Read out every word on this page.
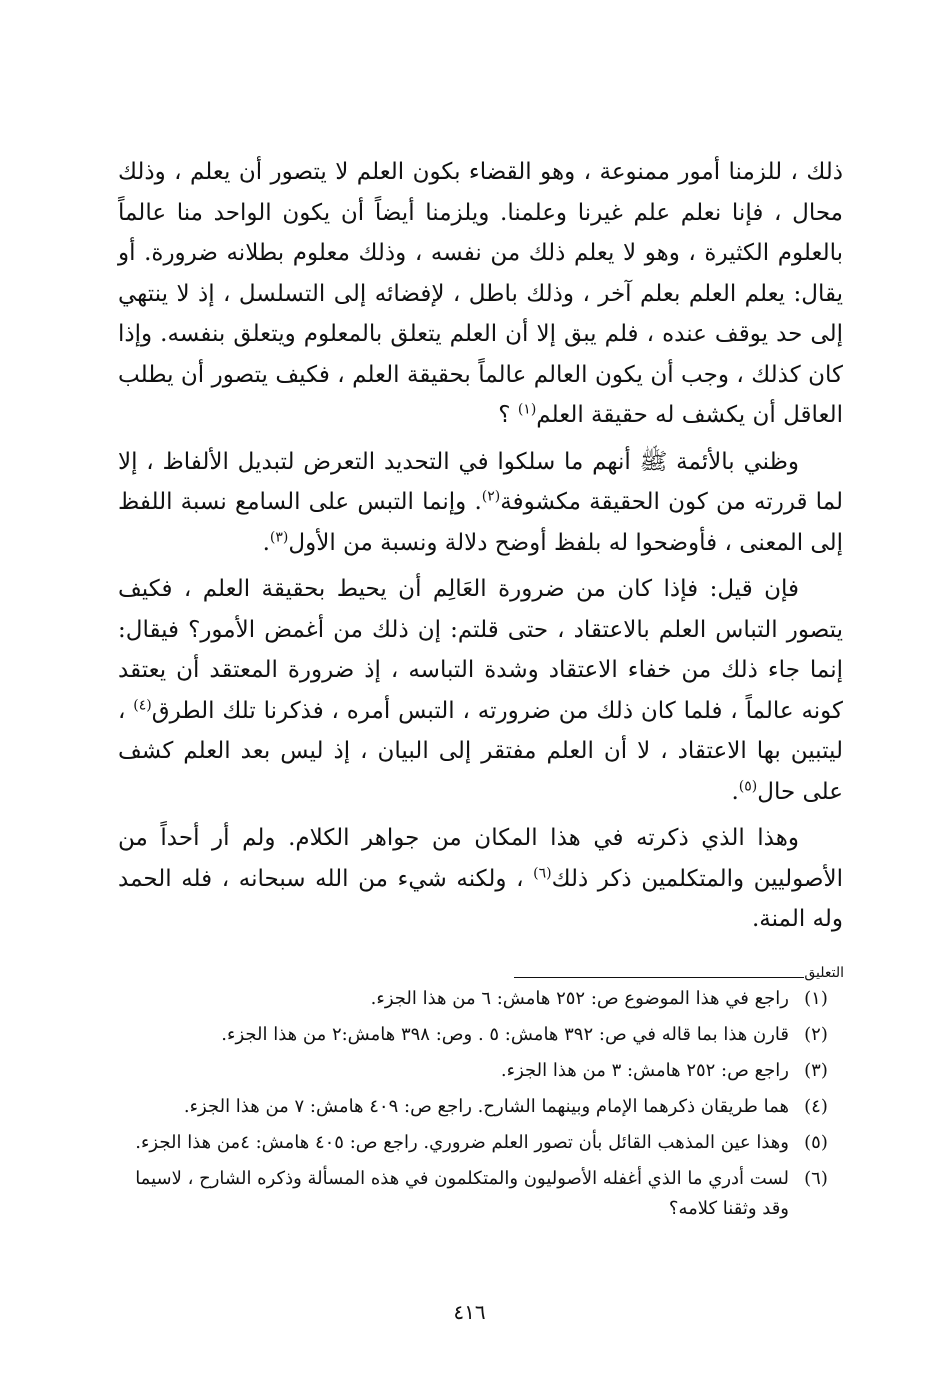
ذلك ، للزمنا أمور ممنوعة ، وهو القضاء بكون العلم لا يتصور أن يعلم ، وذلك محال ، فإنا نعلم علم غيرنا وعلمنا. ويلزمنا أيضاً أن يكون الواحد منا عالماً بالعلوم الكثيرة ، وهو لا يعلم ذلك من نفسه ، وذلك معلوم بطلانه ضرورة. أو يقال: يعلم العلم بعلم آخر ، وذلك باطل ، لإفضائه إلى التسلسل ، إذ لا ينتهي إلى حد يوقف عنده ، فلم يبق إلا أن العلم يتعلق بالمعلوم ويتعلق بنفسه. وإذا كان كذلك ، وجب أن يكون العالم عالماً بحقيقة العلم ، فكيف يتصور أن يطلب العاقل أن يكشف له حقيقة العلم$^{(١)}$ ؟

وظني بالأئمة ﷺ أنهم ما سلكوا في التحديد التعرض لتبديل الألفاظ ، إلا لما قررته من كون الحقيقة مكشوفة$^{(٢)}$. وإنما التبس على السامع نسبة اللفظ إلى المعنى ، فأوضحوا له بلفظ أوضح دلالة ونسبة من الأول$^{(٣)}$.

فإن قيل: فإذا كان من ضرورة العَالِم أن يحيط بحقيقة العلم ، فكيف يتصور التباس العلم بالاعتقاد ، حتى قلتم: إن ذلك من أغمض الأمور؟ فيقال: إنما جاء ذلك من خفاء الاعتقاد وشدة التباسه ، إذ ضرورة المعتقد أن يعتقد كونه عالماً ، فلما كان ذلك من ضرورته ، التبس أمره ، فذكرنا تلك الطرق$^{(٤)}$ ، ليتبين بها الاعتقاد ، لا أن العلم مفتقر إلى البيان ، إذ ليس بعد العلم كشف على حال$^{(٥)}$.

وهذا الذي ذكرته في هذا المكان من جواهر الكلام. ولم أر أحداً من الأصوليين والمتكلمين ذكر ذلك$^{(٦)}$ ، ولكنه شيء من الله سبحانه ، فله الحمد وله المنة.

التعليق
(١)
راجع في هذا الموضوع ص: ٢٥٢ هامش: ٦ من هذا الجزء.
(٢)
قارن هذا بما قاله في ص: ٣٩٢ هامش: ٥ . وص: ٣٩٨ هامش:٢ من هذا الجزء.
(٣)
راجع ص: ٢٥٢ هامش: ٣ من هذا الجزء.
(٤)
هما طريقان ذكرهما الإمام وبينهما الشارح. راجع ص: ٤٠٩ هامش: ٧ من هذا الجزء.
(٥)
وهذا عين المذهب القائل بأن تصور العلم ضروري. راجع ص: ٤٠٥ هامش: ٤من هذا الجزء.
(٦)
لست أدري ما الذي أغفله الأصوليون والمتكلمون في هذه المسألة وذكره الشارح ، لاسيما وقد وثقنا كلامه؟
٤١٦
